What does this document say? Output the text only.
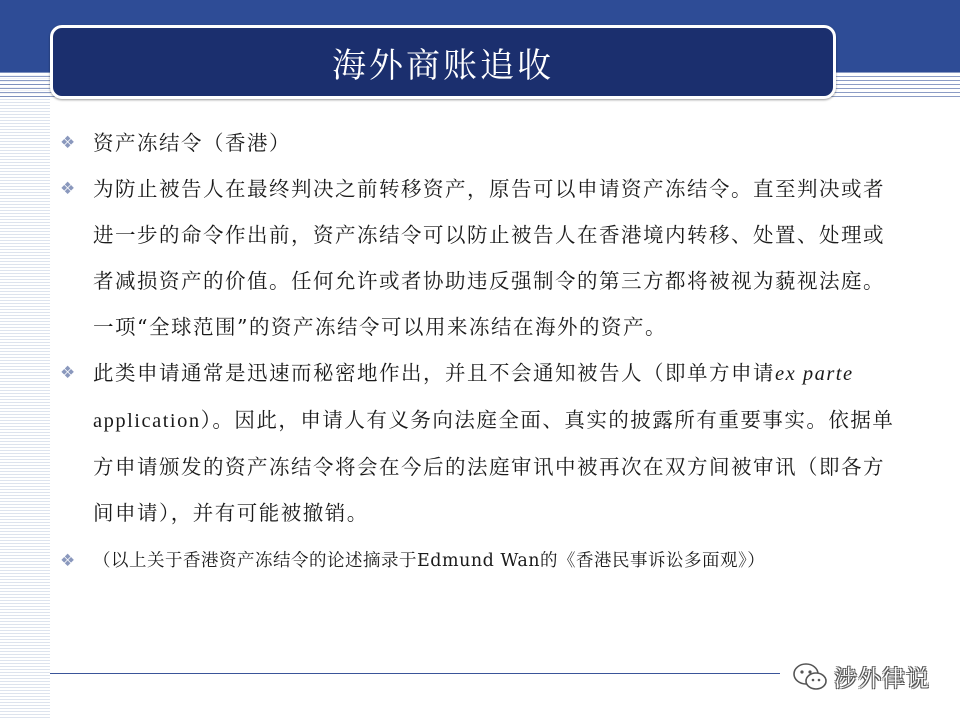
海外商账追收
❖ 资产冻结令（香港）
❖ 为防止被告人在最终判决之前转移资产，原告可以申请资产冻结令。直至判决或者进一步的命令作出前，资产冻结令可以防止被告人在香港境内转移、处置、处理或者减损资产的价值。任何允许或者协助违反强制令的第三方都将被视为藐视法庭。一项“全球范围”的资产冻结令可以用来冻结在海外的资产。
❖ 此类申请通常是迅速而秘密地作出，并且不会通知被告人（即单方申请ex parte application）。因此，申请人有义务向法庭全面、真实的披露所有重要事实。依据单方申请颁发的资产冻结令将会在今后的法庭审讯中被再次在双方间被审讯（即各方间申请），并有可能被撤销。
❖ （以上关于香港资产冻结令的论述摘录于Edmund Wan的《香港民事诉讼多面观》）
涉外律说
